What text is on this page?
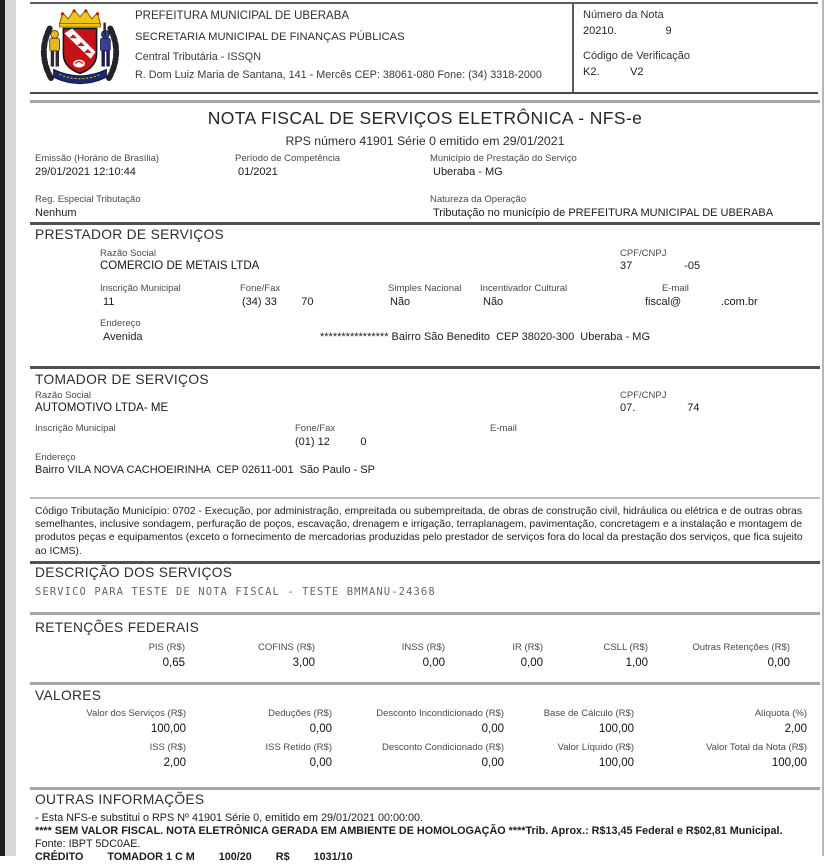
PREFEITURA MUNICIPAL DE UBERABA
SECRETARIA MUNICIPAL DE FINANÇAS PÚBLICAS
Central Tributária - ISSQN
R. Dom Luiz Maria de Santana, 141 - Mercês CEP: 38061-080 Fone: (34) 3318-2000
Número da Nota
20210.                9
Código de Verificação
K2.          V2
NOTA FISCAL DE SERVIÇOS ELETRÔNICA - NFS-e
RPS número 41901 Série 0 emitido em 29/01/2021
Emissão (Horário de Brasília)
29/01/2021 12:10:44
Período de Competência
01/2021
Município de Prestação do Serviço
Uberaba - MG
Reg. Especial Tributação
Nenhum
Natureza da Operação
Tributação no município de PREFEITURA MUNICIPAL DE UBERABA
PRESTADOR DE SERVIÇOS
Razão Social
COMERCIO DE METAIS LTDA
CPF/CNPJ
37                 -05
Inscrição Municipal
11
Fone/Fax
(34) 33        70
Simples Nacional
Não
Incentivador Cultural
Não
E-mail
fiscal@             .com.br
Endereço
Avenida	**************** Bairro São Benedito  CEP 38020-300  Uberaba - MG
TOMADOR DE SERVIÇOS
Razão Social
AUTOMOTIVO LTDA- ME
CPF/CNPJ
07.                 74
Inscrição Municipal	Fone/Fax
(01) 12          0
E-mail
Endereço
Bairro VILA NOVA CACHOEIRINHA  CEP 02611-001  São Paulo - SP
Código Tributação Município: 0702 - Execução, por administração, empreitada ou subempreitada, de obras de construção civil, hidráulica ou elétrica e de outras obras semelhantes, inclusive sondagem, perfuração de poços, escavação, drenagem e irrigação, terraplanagem, pavimentação, concretagem e a instalação e montagem de produtos peças e equipamentos (exceto o fornecimento de mercadorias produzidas pelo prestador de serviços fora do local da prestação dos serviços, que fica sujeito ao ICMS).
DESCRIÇÃO DOS SERVIÇOS
SERVICO PARA TESTE DE NOTA FISCAL - TESTE BMMANU-24368
RETENÇÕES FEDERAIS
PIS (R$)
0,65
COFINS (R$)
3,00
INSS (R$)
0,00
IR (R$)
0,00
CSLL (R$)
1,00
Outras Retenções (R$)
0,00
VALORES
Valor dos Serviços (R$)
100,00
Deduções (R$)
0,00
Desconto Incondicionado (R$)
0,00
Base de Cálculo (R$)
100,00
Alíquota (%)
2,00
ISS (R$)
2,00
ISS Retido (R$)
0,00
Desconto Condicionado (R$)
0,00
Valor Líquido (R$)
100,00
Valor Total da Nota (R$)
100,00
OUTRAS INFORMAÇÕES
- Esta NFS-e substitui o RPS Nº 41901 Série 0, emitido em 29/01/2021 00:00:00.
**** SEM VALOR FISCAL. NOTA ELETRÔNICA GERADA EM AMBIENTE DE HOMOLOGAÇÃO ****Trib. Aprox.: R$13,45 Federal e R$02,81 Municipal.
Fonte: IBPT 5DC0AE.
CRÉDITO        TOMADOR 1 C M        100/20        R$        1031/10
